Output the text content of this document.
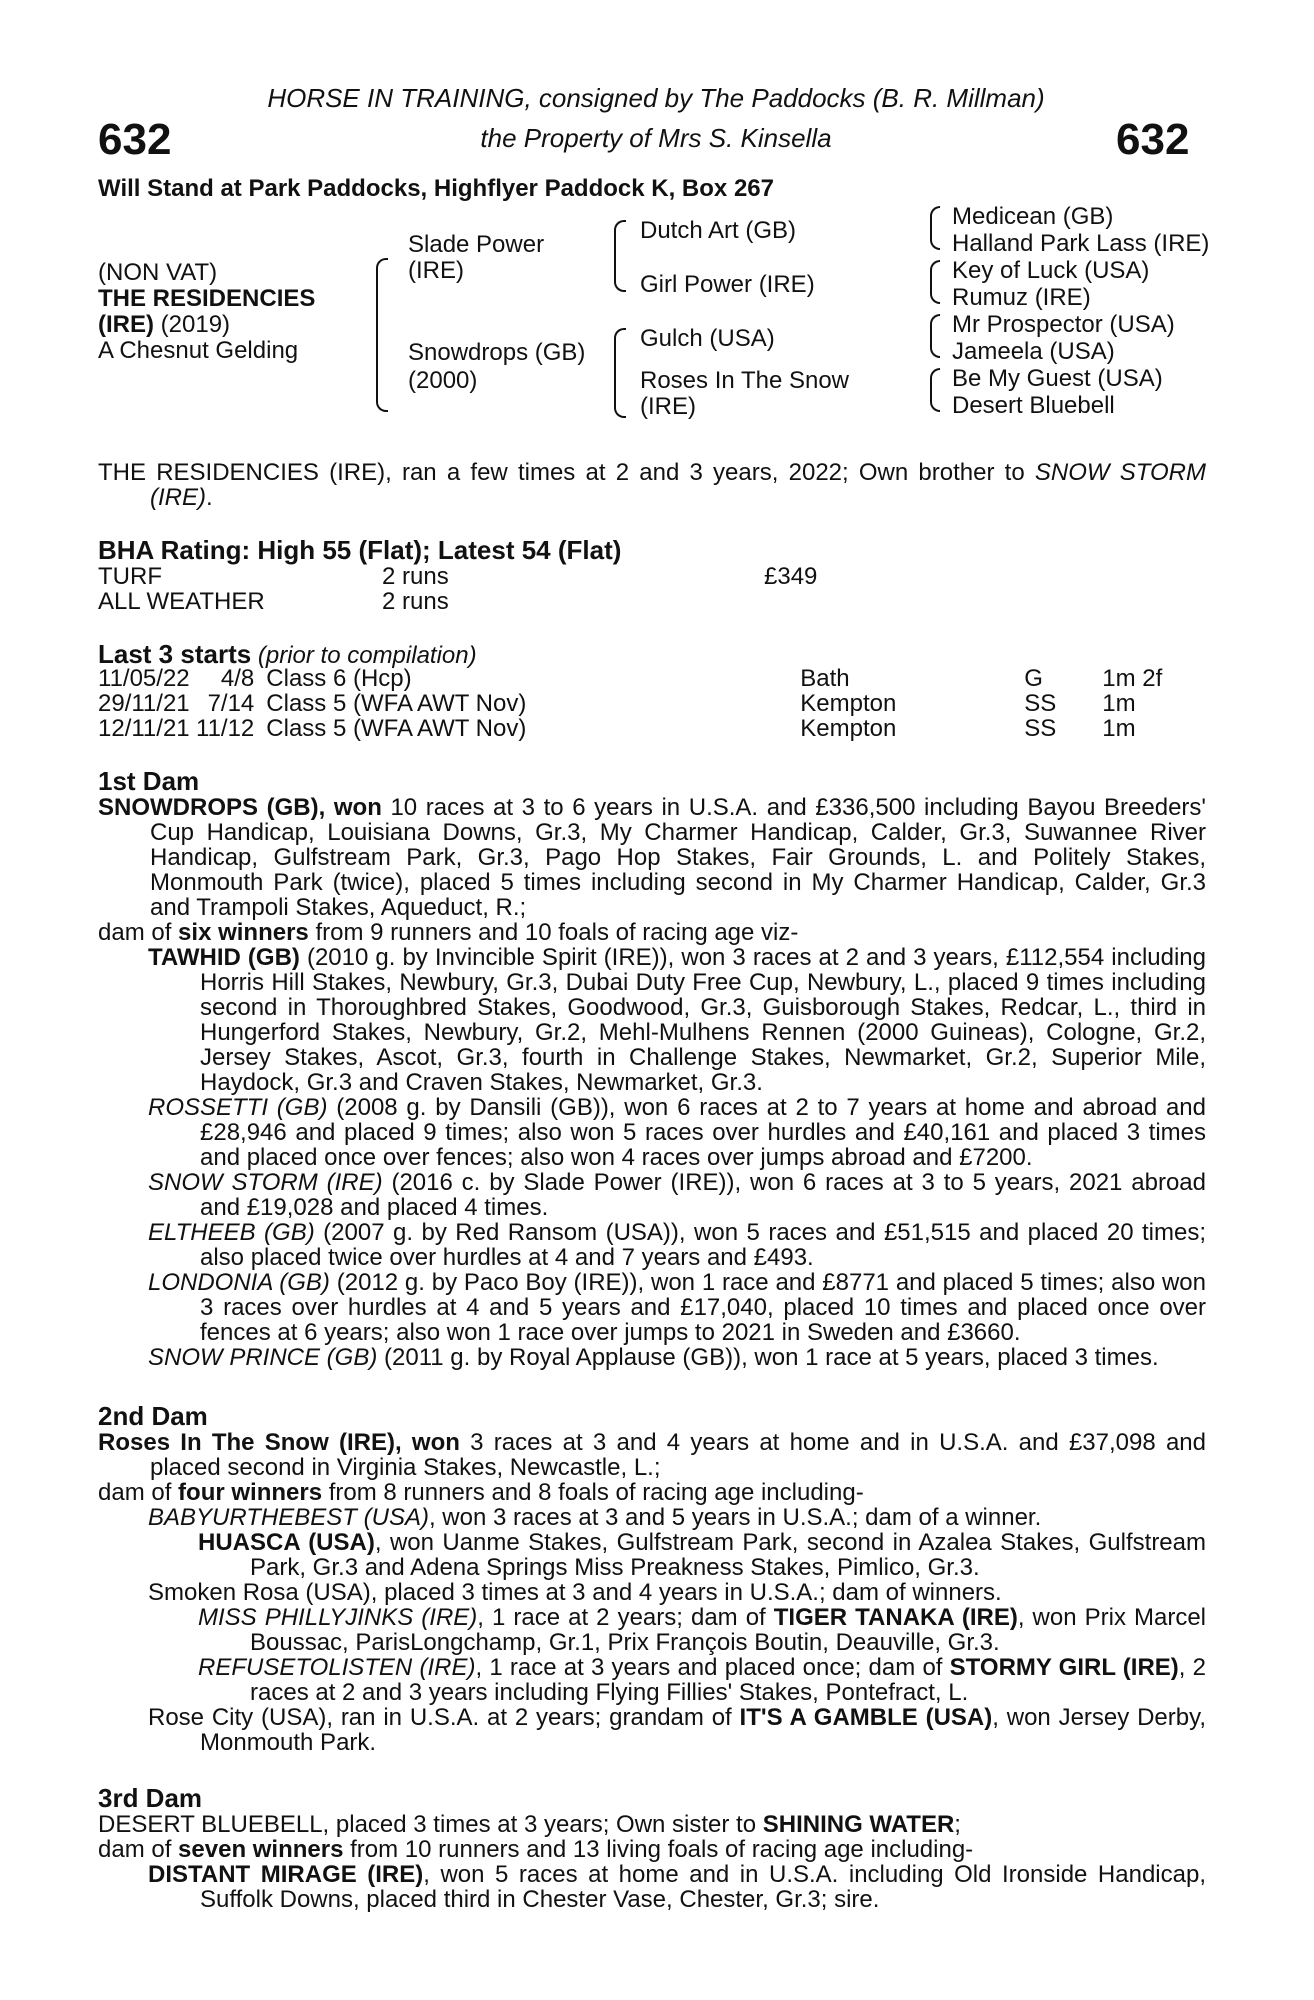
HORSE IN TRAINING, consigned by The Paddocks (B. R. Millman)
632	the Property of Mrs S. Kinsella	632
Will Stand at Park Paddocks, Highflyer Paddock K, Box 267
(NON VAT)
THE RESIDENCIES
(IRE) (2019)
A Chesnut Gelding
Slade Power
(IRE)
Snowdrops (GB)
(2000)
Dutch Art (GB)
Girl Power (IRE)
Gulch (USA)
Roses In The Snow
(IRE)
Medicean (GB)
Halland Park Lass (IRE)
Key of Luck (USA)
Rumuz (IRE)
Mr Prospector (USA)
Jameela (USA)
Be My Guest (USA)
Desert Bluebell

THE RESIDENCIES (IRE), ran a few times at 2 and 3 years, 2022; Own brother to SNOW STORM (IRE).

BHA Rating: High 55 (Flat); Latest 54 (Flat)
TURF	2 runs	£349
ALL WEATHER	2 runs
Last 3 starts (prior to compilation)
11/05/22	4/8	Class 6 (Hcp)	Bath	G	1m 2f
29/11/21	7/14	Class 5 (WFA AWT Nov)	Kempton	SS	1m
12/11/21	11/12	Class 5 (WFA AWT Nov)	Kempton	SS	1m
1st Dam

SNOWDROPS (GB), won 10 races at 3 to 6 years in U.S.A. and £336,500 including Bayou Breeders' Cup Handicap, Louisiana Downs, Gr.3, My Charmer Handicap, Calder, Gr.3, Suwannee River Handicap, Gulfstream Park, Gr.3, Pago Hop Stakes, Fair Grounds, L. and Politely Stakes, Monmouth Park (twice), placed 5 times including second in My Charmer Handicap, Calder, Gr.3 and Trampoli Stakes, Aqueduct, R.;

dam of six winners from 9 runners and 10 foals of racing age viz-

TAWHID (GB) (2010 g. by Invincible Spirit (IRE)), won 3 races at 2 and 3 years, £112,554 including Horris Hill Stakes, Newbury, Gr.3, Dubai Duty Free Cup, Newbury, L., placed 9 times including second in Thoroughbred Stakes, Goodwood, Gr.3, Guisborough Stakes, Redcar, L., third in Hungerford Stakes, Newbury, Gr.2, Mehl-Mulhens Rennen (2000 Guineas), Cologne, Gr.2, Jersey Stakes, Ascot, Gr.3, fourth in Challenge Stakes, Newmarket, Gr.2, Superior Mile, Haydock, Gr.3 and Craven Stakes, Newmarket, Gr.3.

ROSSETTI (GB) (2008 g. by Dansili (GB)), won 6 races at 2 to 7 years at home and abroad and £28,946 and placed 9 times; also won 5 races over hurdles and £40,161 and placed 3 times and placed once over fences; also won 4 races over jumps abroad and £7200.

SNOW STORM (IRE) (2016 c. by Slade Power (IRE)), won 6 races at 3 to 5 years, 2021 abroad and £19,028 and placed 4 times.

ELTHEEB (GB) (2007 g. by Red Ransom (USA)), won 5 races and £51,515 and placed 20 times; also placed twice over hurdles at 4 and 7 years and £493.

LONDONIA (GB) (2012 g. by Paco Boy (IRE)), won 1 race and £8771 and placed 5 times; also won 3 races over hurdles at 4 and 5 years and £17,040, placed 10 times and placed once over fences at 6 years; also won 1 race over jumps to 2021 in Sweden and £3660.

SNOW PRINCE (GB) (2011 g. by Royal Applause (GB)), won 1 race at 5 years, placed 3 times.

2nd Dam

Roses In The Snow (IRE), won 3 races at 3 and 4 years at home and in U.S.A. and £37,098 and placed second in Virginia Stakes, Newcastle, L.;

dam of four winners from 8 runners and 8 foals of racing age including-

BABYURTHEBEST (USA), won 3 races at 3 and 5 years in U.S.A.; dam of a winner.

HUASCA (USA), won Uanme Stakes, Gulfstream Park, second in Azalea Stakes, Gulfstream Park, Gr.3 and Adena Springs Miss Preakness Stakes, Pimlico, Gr.3.

Smoken Rosa (USA), placed 3 times at 3 and 4 years in U.S.A.; dam of winners.

MISS PHILLYJINKS (IRE), 1 race at 2 years; dam of TIGER TANAKA (IRE), won Prix Marcel Boussac, ParisLongchamp, Gr.1, Prix François Boutin, Deauville, Gr.3.

REFUSETOLISTEN (IRE), 1 race at 3 years and placed once; dam of STORMY GIRL (IRE), 2 races at 2 and 3 years including Flying Fillies' Stakes, Pontefract, L.

Rose City (USA), ran in U.S.A. at 2 years; grandam of IT'S A GAMBLE (USA), won Jersey Derby, Monmouth Park.

3rd Dam

DESERT BLUEBELL, placed 3 times at 3 years; Own sister to SHINING WATER;

dam of seven winners from 10 runners and 13 living foals of racing age including-

DISTANT MIRAGE (IRE), won 5 races at home and in U.S.A. including Old Ironside Handicap, Suffolk Downs, placed third in Chester Vase, Chester, Gr.3; sire.
